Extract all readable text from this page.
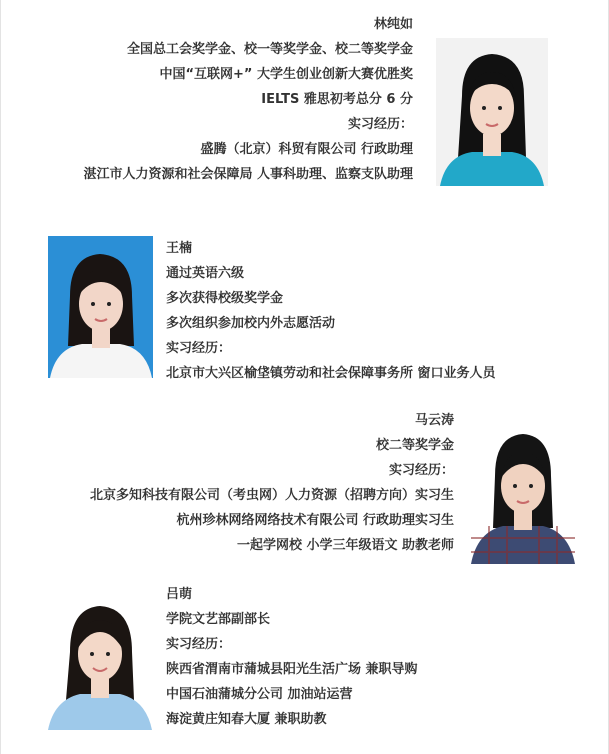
林纯如
全国总工会奖学金、校一等奖学金、校二等奖学金
中国“互联网+” 大学生创业创新大赛优胜奖
IELTS 雅思初考总分 6 分
实习经历：
盛腾（北京）科贸有限公司 行政助理
湛江市人力资源和社会保障局 人事科助理、监察支队助理
王楠
通过英语六级
多次获得校级奖学金
多次组织参加校内外志愿活动
实习经历：
北京市大兴区榆垡镇劳动和社会保障事务所 窗口业务人员
马云涛
校二等奖学金
实习经历：
北京多知科技有限公司（考虫网）人力资源（招聘方向）实习生
杭州珍林网络网络技术有限公司 行政助理实习生
一起学网校 小学三年级语文 助教老师
吕萌
学院文艺部副部长
实习经历：
陕西省渭南市蒲城县阳光生活广场 兼职导购
中国石油蒲城分公司 加油站运营
海淀黄庄知春大厦 兼职助教
